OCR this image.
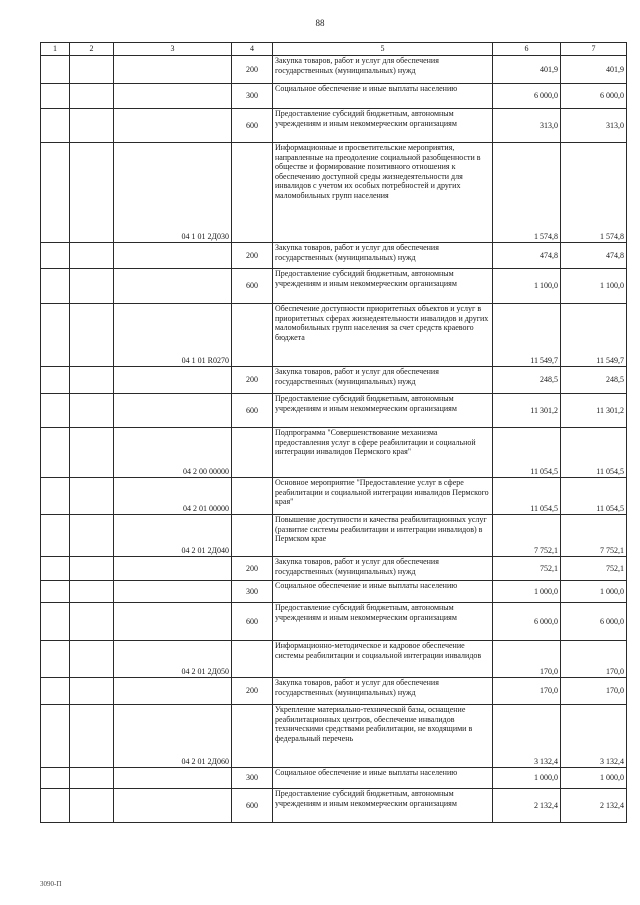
88
1	2	3	4	5	6	7
			200	Закупка товаров, работ и услуг для обеспечения государственных (муниципальных) нужд	401,9	401,9
			300	Социальное обеспечение и иные выплаты населению	6 000,0	6 000,0
			600	Предоставление субсидий бюджетным, автономным учреждениям и иным некоммерческим организациям	313,0	313,0
		04 1 01 2Д030		Информационные и просветительские мероприятия, направленные на преодоление социальной разобщенности в обществе и формирование позитивного отношения к обеспечению доступной среды жизнедеятельности для инвалидов с учетом их особых потребностей и других маломобильных групп населения	1 574,8	1 574,8
			200	Закупка товаров, работ и услуг для обеспечения государственных (муниципальных) нужд	474,8	474,8
			600	Предоставление субсидий бюджетным, автономным учреждениям и иным некоммерческим организациям	1 100,0	1 100,0
		04 1 01 R0270		Обеспечение доступности приоритетных объектов и услуг в приоритетных сферах жизнедеятельности инвалидов и других маломобильных групп населения за счет средств краевого бюджета	11 549,7	11 549,7
			200	Закупка товаров, работ и услуг для обеспечения государственных (муниципальных) нужд	248,5	248,5
			600	Предоставление субсидий бюджетным, автономным учреждениям и иным некоммерческим организациям	11 301,2	11 301,2
		04 2 00 00000		Подпрограмма "Совершенствование механизма предоставления услуг в сфере реабилитации и социальной интеграции инвалидов Пермского края"	11 054,5	11 054,5
		04 2 01 00000		Основное мероприятие "Предоставление услуг в сфере реабилитации и социальной интеграции инвалидов Пермского края"	11 054,5	11 054,5
		04 2 01 2Д040		Повышение доступности и качества реабилитационных услуг (развитие системы реабилитации и интеграции инвалидов) в Пермском крае	7 752,1	7 752,1
			200	Закупка товаров, работ и услуг для обеспечения государственных (муниципальных) нужд	752,1	752,1
			300	Социальное обеспечение и иные выплаты населению	1 000,0	1 000,0
			600	Предоставление субсидий бюджетным, автономным учреждениям и иным некоммерческим организациям	6 000,0	6 000,0
		04 2 01 2Д050		Информационно-методическое и кадровое обеспечение системы реабилитации и социальной интеграции инвалидов	170,0	170,0
			200	Закупка товаров, работ и услуг для обеспечения государственных (муниципальных) нужд	170,0	170,0
		04 2 01 2Д060		Укрепление материально-технической базы, оснащение реабилитационных центров, обеспечение инвалидов техническими средствами реабилитации, не входящими в федеральный перечень	3 132,4	3 132,4
			300	Социальное обеспечение и иные выплаты населению	1 000,0	1 000,0
			600	Предоставление субсидий бюджетным, автономным учреждениям и иным некоммерческим организациям	2 132,4	2 132,4
3090-П
